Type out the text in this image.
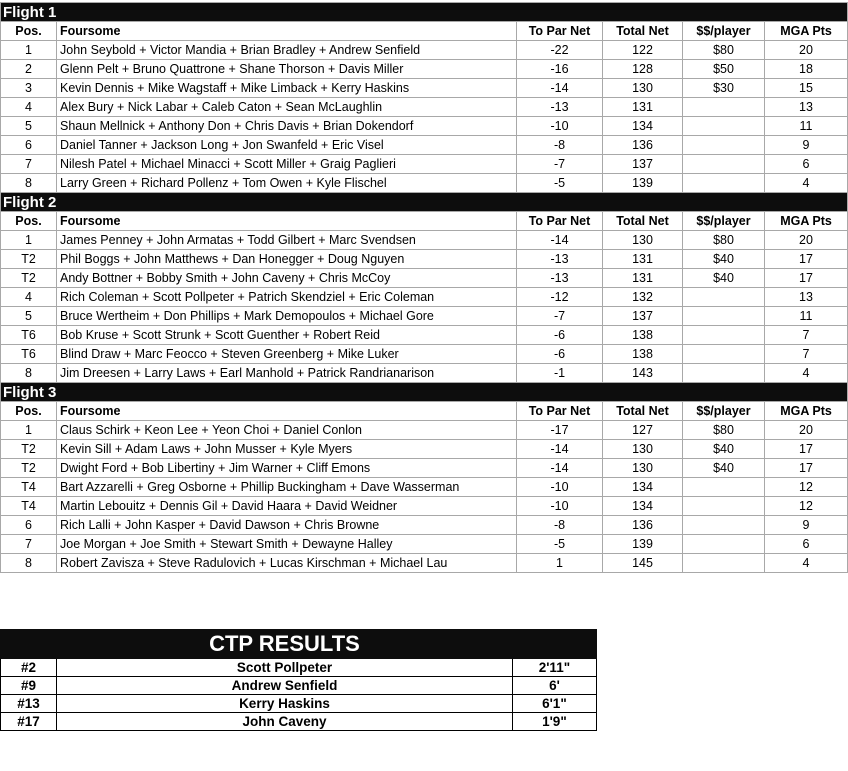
Flight 1					
Pos.	Foursome	To Par Net	Total Net	$$/player	MGA Pts
1	John Seybold + Victor Mandia + Brian Bradley + Andrew Senfield	-22	122	$80	20
2	Glenn Pelt + Bruno Quattrone + Shane Thorson + Davis Miller	-16	128	$50	18
3	Kevin Dennis + Mike Wagstaff + Mike Limback + Kerry Haskins	-14	130	$30	15
4	Alex Bury + Nick Labar + Caleb Caton + Sean McLaughlin	-13	131		13
5	Shaun Mellnick + Anthony Don + Chris Davis + Brian Dokendorf	-10	134		11
6	Daniel Tanner + Jackson Long + Jon Swanfeld + Eric Visel	-8	136		9
7	Nilesh Patel + Michael Minacci + Scott Miller + Graig Paglieri	-7	137		6
8	Larry Green + Richard Pollenz + Tom Owen + Kyle Flischel	-5	139		4
Flight 2					
Pos.	Foursome	To Par Net	Total Net	$$/player	MGA Pts
1	James Penney + John Armatas + Todd Gilbert + Marc Svendsen	-14	130	$80	20
T2	Phil Boggs + John Matthews + Dan Honegger + Doug Nguyen	-13	131	$40	17
T2	Andy Bottner + Bobby Smith + John Caveny + Chris McCoy	-13	131	$40	17
4	Rich Coleman + Scott Pollpeter + Patrich Skendziel + Eric Coleman	-12	132		13
5	Bruce Wertheim + Don Phillips + Mark Demopoulos + Michael Gore	-7	137		11
T6	Bob Kruse + Scott Strunk + Scott Guenther + Robert Reid	-6	138		7
T6	Blind Draw + Marc Feocco + Steven Greenberg + Mike Luker	-6	138		7
8	Jim Dreesen + Larry Laws + Earl Manhold + Patrick Randrianarison	-1	143		4
Flight 3					
Pos.	Foursome	To Par Net	Total Net	$$/player	MGA Pts
1	Claus Schirk + Keon Lee + Yeon Choi + Daniel Conlon	-17	127	$80	20
T2	Kevin Sill + Adam Laws + John Musser + Kyle Myers	-14	130	$40	17
T2	Dwight Ford + Bob Libertiny + Jim Warner + Cliff Emons	-14	130	$40	17
T4	Bart Azzarelli + Greg Osborne + Phillip Buckingham + Dave Wasserman	-10	134		12
T4	Martin Lebouitz + Dennis Gil + David Haara + David Weidner	-10	134		12
6	Rich Lalli + John Kasper + David Dawson + Chris Browne	-8	136		9
7	Joe Morgan + Joe Smith + Stewart Smith + Dewayne Halley	-5	139		6
8	Robert Zavisza + Steve Radulovich + Lucas Kirschman + Michael Lau	1	145		4
	CTP RESULTS	
#2	Scott Pollpeter	2'11"
#9	Andrew Senfield	6'
#13	Kerry Haskins	6'1"
#17	John Caveny	1'9"
